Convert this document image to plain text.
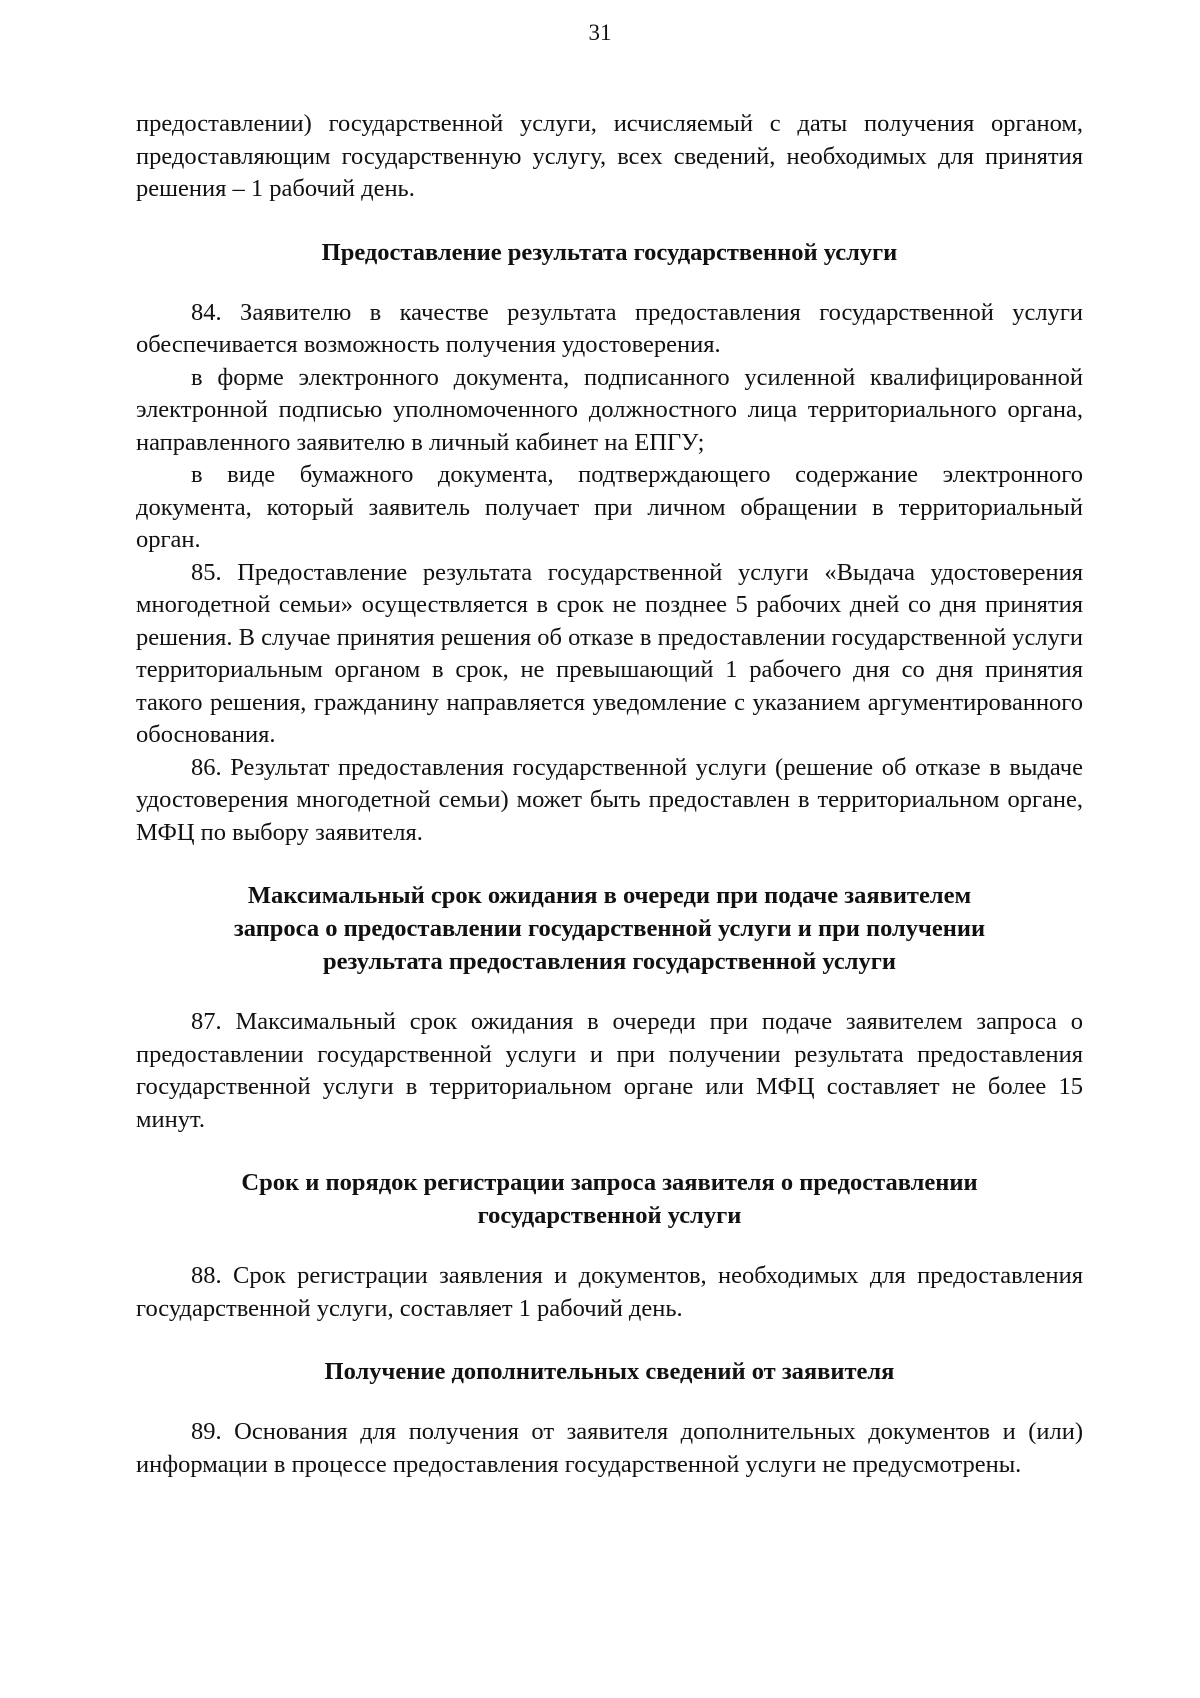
31

предоставлении) государственной услуги, исчисляемый с даты получения органом, предоставляющим государственную услугу, всех сведений, необходимых для принятия решения – 1 рабочий день.

Предоставление результата государственной услуги

84. Заявителю в качестве результата предоставления государственной услуги обеспечивается возможность получения удостоверения.

в форме электронного документа, подписанного усиленной квалифицированной электронной подписью уполномоченного должностного лица территориального органа, направленного заявителю в личный кабинет на ЕПГУ;

в виде бумажного документа, подтверждающего содержание электронного документа, который заявитель получает при личном обращении в территориальный орган.

85. Предоставление результата государственной услуги «Выдача удостоверения многодетной семьи» осуществляется в срок не позднее 5 рабочих дней со дня принятия решения. В случае принятия решения об отказе в предоставлении государственной услуги территориальным органом в срок, не превышающий 1 рабочего дня со дня принятия такого решения, гражданину направляется уведомление с указанием аргументированного обоснования.

86. Результат предоставления государственной услуги (решение об отказе в выдаче удостоверения многодетной семьи) может быть предоставлен в территориальном органе, МФЦ по выбору заявителя.

Максимальный срок ожидания в очереди при подаче заявителем
запроса о предоставлении государственной услуги и при получении
результата предоставления государственной услуги

87. Максимальный срок ожидания в очереди при подаче заявителем запроса о предоставлении государственной услуги и при получении результата предоставления государственной услуги в территориальном органе или МФЦ составляет не более 15 минут.

Срок и порядок регистрации запроса заявителя о предоставлении
государственной услуги

88. Срок регистрации заявления и документов, необходимых для предоставления государственной услуги, составляет 1 рабочий день.

Получение дополнительных сведений от заявителя

89. Основания для получения от заявителя дополнительных документов и (или) информации в процессе предоставления государственной услуги не предусмотрены.
